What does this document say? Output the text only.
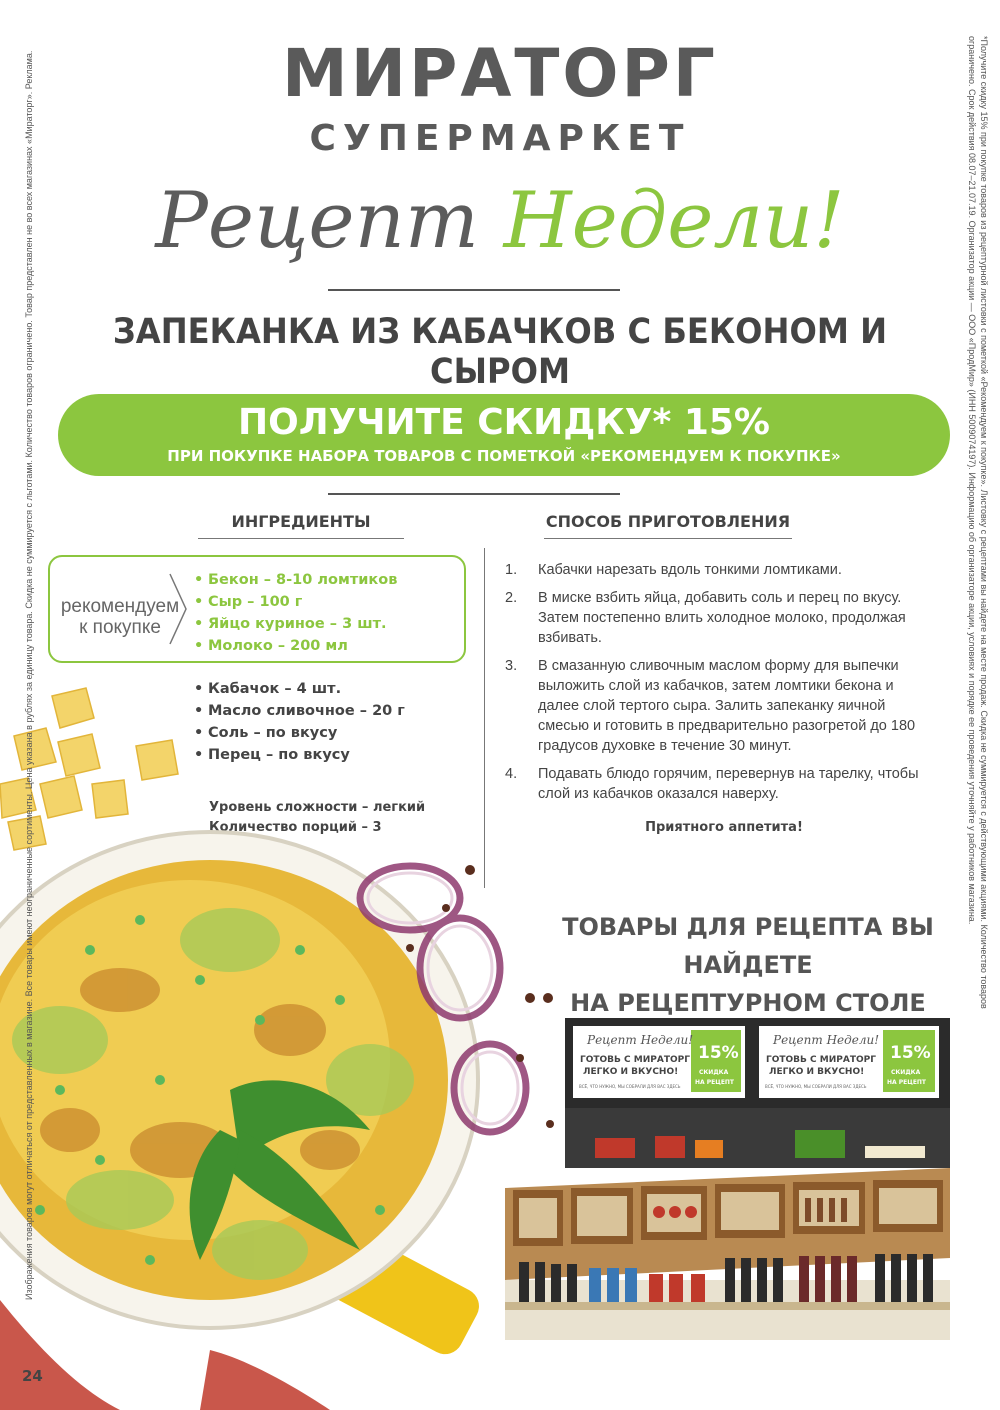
МИРАТОРГ
СУПЕРМАРКЕТ
Рецепт Недели!
ЗАПЕКАНКА ИЗ КАБАЧКОВ С БЕКОНОМ И СЫРОМ
ПОЛУЧИТЕ СКИДКУ* 15%
ПРИ ПОКУПКЕ НАБОРА ТОВАРОВ С ПОМЕТКОЙ «РЕКОМЕНДУЕМ К ПОКУПКЕ»
ИНГРЕДИЕНТЫ	СПОСОБ ПРИГОТОВЛЕНИЯ
рекомендуем к покупке
• Бекон – 8-10 ломтиков
• Сыр – 100 г
• Яйцо куриное – 3 шт.
• Молоко – 200 мл
• Кабачок – 4 шт.
• Масло сливочное – 20 г
• Соль – по вкусу
• Перец – по вкусу
Уровень сложности – легкий
Количество порций – 3
1. Кабачки нарезать вдоль тонкими ломтиками.
2. В миске взбить яйца, добавить соль и перец по вкусу. Затем постепенно влить холодное молоко, продолжая взбивать.
3. В смазанную сливочным маслом форму для выпечки выложить слой из кабачков, затем ломтики бекона и далее слой тертого сыра. Залить запеканку яичной смесью и готовить в предварительно разогретой до 180 градусов духовке в течение 30 минут.
4. Подавать блюдо горячим, перевернув на тарелку, чтобы слой из кабачков оказался наверху.
Приятного аппетита!
ТОВАРЫ ДЛЯ РЕЦЕПТА ВЫ НАЙДЕТЕ
НА РЕЦЕПТУРНОМ СТОЛЕ
Рецепт Недели!
ГОТОВЬ С МИРАТОРГ
ЛЕГКО И ВКУСНО!
ВСЁ, ЧТО НУЖНО, МЫ СОБРАЛИ ДЛЯ ВАС ЗДЕСЬ
15%
СКИДКА
НА РЕЦЕПТ
Рецепт Недели!
ГОТОВЬ С МИРАТОРГ
ЛЕГКО И ВКУСНО!
ВСЁ, ЧТО НУЖНО, МЫ СОБРАЛИ ДЛЯ ВАС ЗДЕСЬ
15%
СКИДКА
НА РЕЦЕПТ
Изображения товаров могут отличаться от представленных в магазине. Все товары имеют неограниченные сортименты. Цена указана в рублях за единицу товара. Скидка не суммируется с льготами. Количество товаров ограничено. Товар представлен не во всех магазинах «Мираторг». Реклама.	*Получите скидку 15% при покупке товаров из рецептурной листовки с пометкой «Рекомендуем к покупке». Листовку с рецептами вы найдете на месте продаж. Скидка не суммируется с действующими акциями. Количество товаров ограничено. Срок действия 08.07–21.07.19. Организатор акции — ООО «ПродМир» (ИНН 5009074197). Информацию об организаторе акции, условиях и порядке ее проведения уточняйте у работников магазина.
24
